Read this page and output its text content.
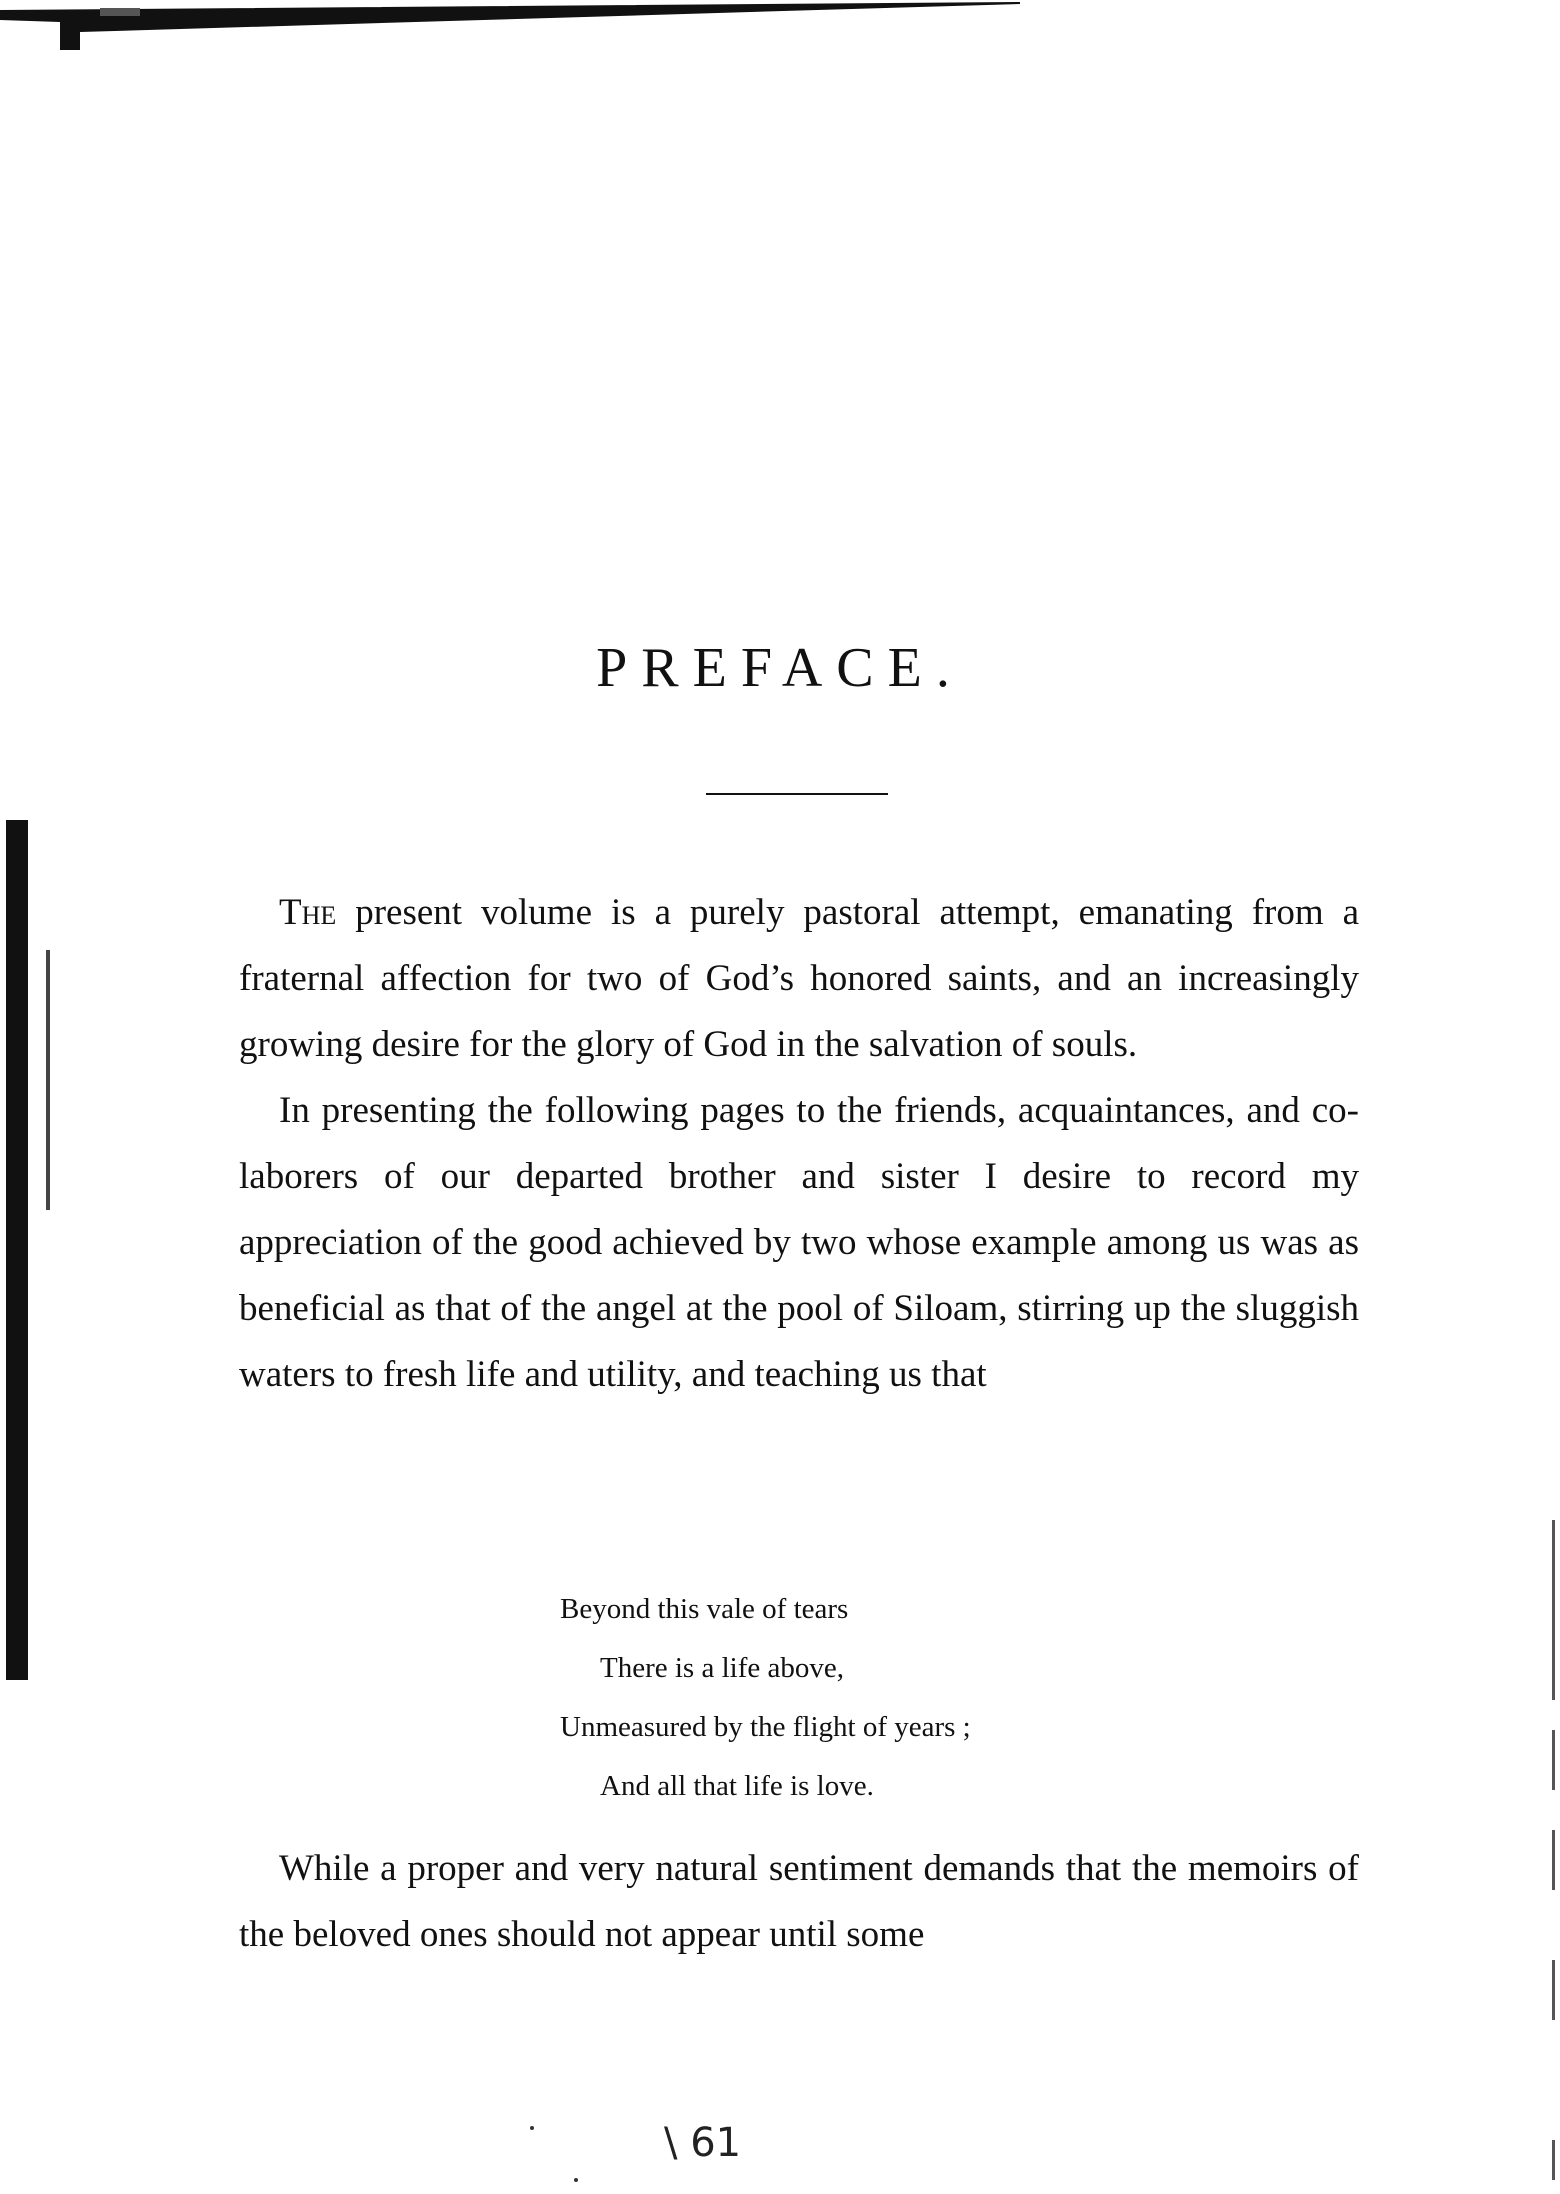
PREFACE.

The present volume is a purely pastoral attempt, emanating from a fraternal affection for two of God’s honored saints, and an increasingly growing desire for the glory of God in the salvation of souls.

In presenting the following pages to the friends, acquaintances, and co-laborers of our departed brother and sister I desire to record my appreciation of the good achieved by two whose example among us was as beneficial as that of the angel at the pool of Siloam, stirring up the sluggish waters to fresh life and utility, and teaching us that

Beyond this vale of tears
There is a life above,
Unmeasured by the flight of years ;
And all that life is love.

While a proper and very natural sentiment demands that the memoirs of the beloved ones should not appear until some

\ 61
